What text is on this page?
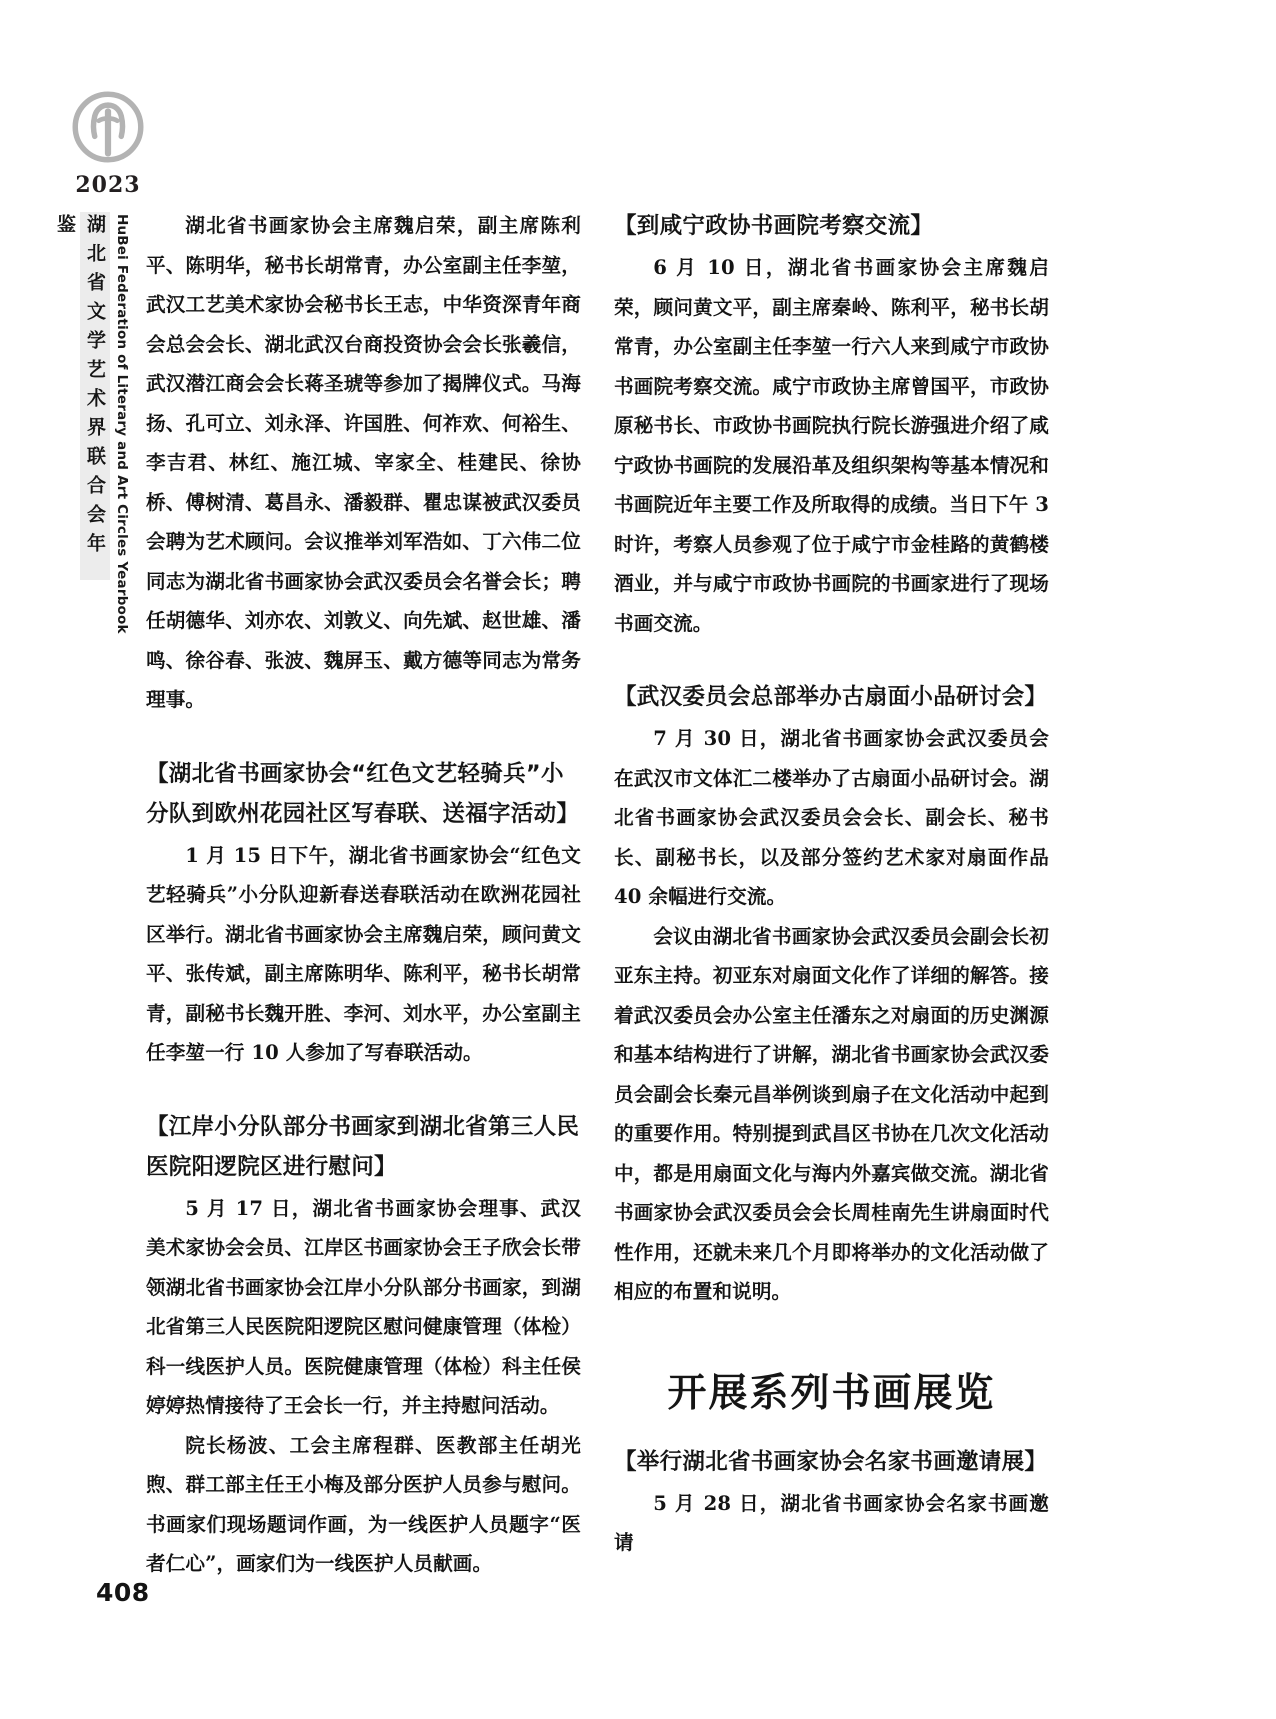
2023
湖北省文学艺术界联合会年鉴	HuBei Federation of Literary and Art Circles Yearbook	湖北省书画家协会主席魏启荣，副主席陈利平、陈明华，秘书长胡常青，办公室副主任李堃，武汉工艺美术家协会秘书长王志，中华资深青年商会总会会长、湖北武汉台商投资协会会长张羲信，武汉潜江商会会长蒋圣琥等参加了揭牌仪式。马海扬、孔可立、刘永泽、许国胜、何祚欢、何裕生、李吉君、林红、施江城、宰家全、桂建民、徐协桥、傅树清、葛昌永、潘毅群、瞿忠谋被武汉委员会聘为艺术顾问。会议推举刘军浩如、丁六伟二位同志为湖北省书画家协会武汉委员会名誉会长；聘任胡德华、刘亦农、刘敦义、向先斌、赵世雄、潘鸣、徐谷春、张波、魏屏玉、戴方德等同志为常务理事。

【湖北省书画家协会“红色文艺轻骑兵”小分队到欧州花园社区写春联、送福字活动】

1 月 15 日下午，湖北省书画家协会“红色文艺轻骑兵”小分队迎新春送春联活动在欧洲花园社区举行。湖北省书画家协会主席魏启荣，顾问黄文平、张传斌，副主席陈明华、陈利平，秘书长胡常青，副秘书长魏开胜、李河、刘水平，办公室副主任李堃一行 10 人参加了写春联活动。

【江岸小分队部分书画家到湖北省第三人民医院阳逻院区进行慰问】

5 月 17 日，湖北省书画家协会理事、武汉美术家协会会员、江岸区书画家协会王子欣会长带领湖北省书画家协会江岸小分队部分书画家，到湖北省第三人民医院阳逻院区慰问健康管理（体检）科一线医护人员。医院健康管理（体检）科主任侯婷婷热情接待了王会长一行，并主持慰问活动。

院长杨波、工会主席程群、医教部主任胡光煦、群工部主任王小梅及部分医护人员参与慰问。书画家们现场题词作画，为一线医护人员题字“医者仁心”，画家们为一线医护人员献画。

【到咸宁政协书画院考察交流】

6 月 10 日，湖北省书画家协会主席魏启荣，顾问黄文平，副主席秦岭、陈利平，秘书长胡常青，办公室副主任李堃一行六人来到咸宁市政协书画院考察交流。咸宁市政协主席曾国平，市政协原秘书长、市政协书画院执行院长游强进介绍了咸宁政协书画院的发展沿革及组织架构等基本情况和书画院近年主要工作及所取得的成绩。当日下午 3 时许，考察人员参观了位于咸宁市金桂路的黄鹤楼酒业，并与咸宁市政协书画院的书画家进行了现场书画交流。

【武汉委员会总部举办古扇面小品研讨会】

7 月 30 日，湖北省书画家协会武汉委员会在武汉市文体汇二楼举办了古扇面小品研讨会。湖北省书画家协会武汉委员会会长、副会长、秘书长、副秘书长，以及部分签约艺术家对扇面作品 40 余幅进行交流。

会议由湖北省书画家协会武汉委员会副会长初亚东主持。初亚东对扇面文化作了详细的解答。接着武汉委员会办公室主任潘东之对扇面的历史渊源和基本结构进行了讲解，湖北省书画家协会武汉委员会副会长秦元昌举例谈到扇子在文化活动中起到的重要作用。特别提到武昌区书协在几次文化活动中，都是用扇面文化与海内外嘉宾做交流。湖北省书画家协会武汉委员会会长周桂南先生讲扇面时代性作用，还就未来几个月即将举办的文化活动做了相应的布置和说明。

开展系列书画展览
【举行湖北省书画家协会名家书画邀请展】

5 月 28 日，湖北省书画家协会名家书画邀请

408
